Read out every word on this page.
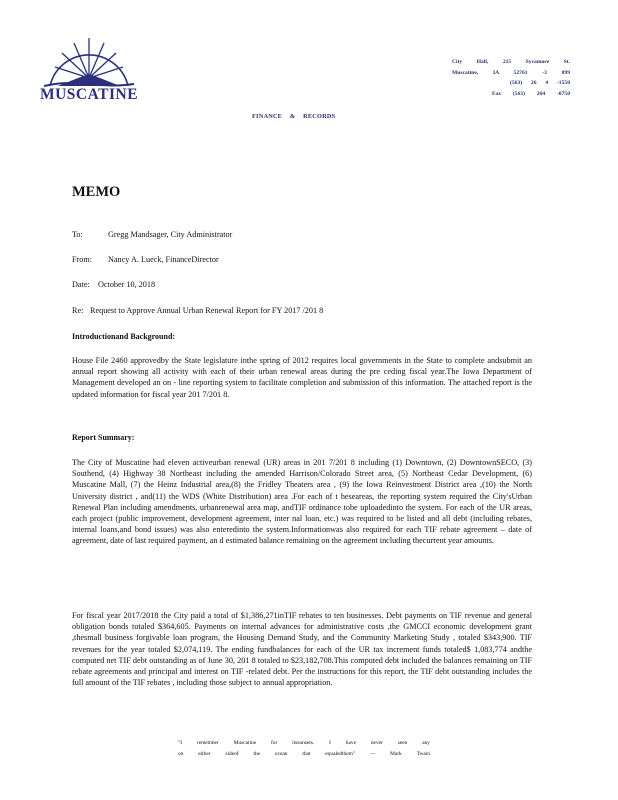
MUSCATINE
City Hall, 215 Sycamore St.
Muscatine, IA 52761 -3 899
(563) 26 4 -1550
Fax (563) 264 -0750
FINANCE & RECORDS
MEMO
To:	Gregg Mandsager, City Administrator
From: Nancy A. Lueck, FinanceDirector
Date: October 10, 2018
Re: Request to Approve Annual Urban Renewal Report for FY 2017 /201 8
Introductionand Background:
House File 2460 approvedby the State legislature inthe spring of 2012 requires local governments in the State to complete andsubmit an annual report showing all activity with each of their urban renewal areas during the pre ceding fiscal year.The Iowa Department of Management developed an on - line reporting system to facilitate completion and submission of this information. The attached report is the updated information for fiscal year 201 7/201 8.
Report Summary:
The City of Muscatine had eleven activeurban renewal (UR) areas in 201 7/201 8 including (1) Downtown, (2) DowntownSECO, (3) Southend, (4) Highway 38 Northeast including the amended Harrison/Colorado Street area, (5) Northeast Cedar Development, (6) Muscatine Mall, (7) the Heinz Industrial area,(8) the Fridley Theaters area , (9) the Iowa Reinvestment District area ,(10) the North University district , and(11) the WDS (White Distribution) area .For each of t heseareas, the reporting system required the City'sUrban Renewal Plan including amendments, urbanrenewal area map, andTIF ordinance tobe uploadedinto the system. For each of the UR areas, each project (public improvement, development agreement, inter nal loan, etc.) was required to be listed and all debt (including rebates, internal loans,and bond issues) was also enteredinto the system.Informationwas also required for each TIF rebate agreement – date of agreement, date of last required payment, an d estimated balance remaining on the agreement including thecurrent year amounts.
For fiscal year 2017/2018 the City paid a total of $1,386,271inTIF rebates to ten businesses. Debt payments on TIF revenue and general obligation bonds totaled $364,605. Payments on internal advances for administrative costs ,the GMCCI economic development grant ,thesmall business forgivable loan program, the Housing Demand Study, and the Community Marketing Study , totaled $343,900. TIF revenues for the year totaled $2,074,119. The ending fundbalances for each of the UR tax increment funds totaled$ 1,083,774 andthe computed net TIF debt outstanding as of June 30, 201 8 totaled to $23,182,708.This computed debt included the balances remaining on TIF rebate agreements and principal and interest on TIF -related debt. Per the instructions for this report, the TIF debt outstanding includes the full amount of the TIF rebates , including those subject to annual appropriation.
"I remember Muscatine for itssunsets. I have never seen any
on either sideof the ocean that equaledthem" — Mark Twain
